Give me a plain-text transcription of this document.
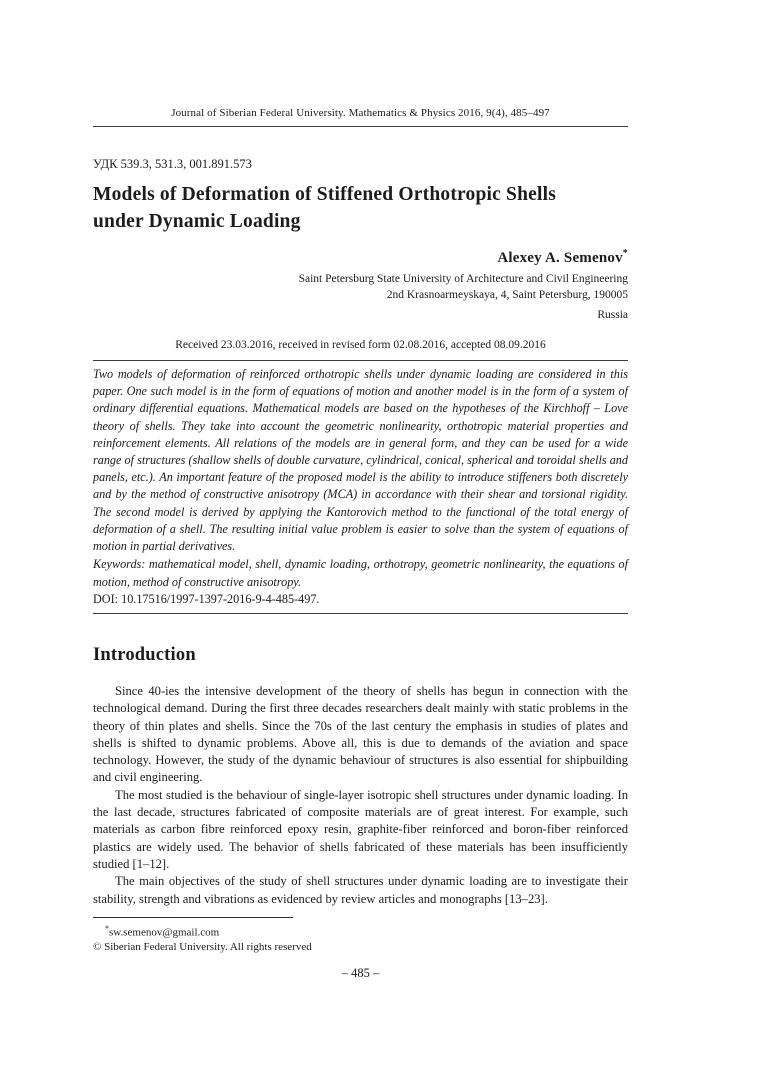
Journal of Siberian Federal University. Mathematics & Physics 2016, 9(4), 485–497
УДК 539.3, 531.3, 001.891.573
Models of Deformation of Stiffened Orthotropic Shells
under Dynamic Loading
Alexey A. Semenov*
Saint Petersburg State University of Architecture and Civil Engineering
2nd Krasnoarmeyskaya, 4, Saint Petersburg, 190005
Russia
Received 23.03.2016, received in revised form 02.08.2016, accepted 08.09.2016

Two models of deformation of reinforced orthotropic shells under dynamic loading are considered in this paper. One such model is in the form of equations of motion and another model is in the form of a system of ordinary differential equations. Mathematical models are based on the hypotheses of the Kirchhoff – Love theory of shells. They take into account the geometric nonlinearity, orthotropic material properties and reinforcement elements. All relations of the models are in general form, and they can be used for a wide range of structures (shallow shells of double curvature, cylindrical, conical, spherical and toroidal shells and panels, etc.). An important feature of the proposed model is the ability to introduce stiffeners both discretely and by the method of constructive anisotropy (MCA) in accordance with their shear and torsional rigidity. The second model is derived by applying the Kantorovich method to the functional of the total energy of deformation of a shell. The resulting initial value problem is easier to solve than the system of equations of motion in partial derivatives.

Keywords: mathematical model, shell, dynamic loading, orthotropy, geometric nonlinearity, the equations of motion, method of constructive anisotropy.

DOI: 10.17516/1997-1397-2016-9-4-485-497.
Introduction

Since 40-ies the intensive development of the theory of shells has begun in connection with the technological demand. During the first three decades researchers dealt mainly with static problems in the theory of thin plates and shells. Since the 70s of the last century the emphasis in studies of plates and shells is shifted to dynamic problems. Above all, this is due to demands of the aviation and space technology. However, the study of the dynamic behaviour of structures is also essential for shipbuilding and civil engineering.

The most studied is the behaviour of single-layer isotropic shell structures under dynamic loading. In the last decade, structures fabricated of composite materials are of great interest. For example, such materials as carbon fibre reinforced epoxy resin, graphite-fiber reinforced and boron-fiber reinforced plastics are widely used. The behavior of shells fabricated of these materials has been insufficiently studied [1–12].

The main objectives of the study of shell structures under dynamic loading are to investigate their stability, strength and vibrations as evidenced by review articles and monographs [13–23].

*sw.semenov@gmail.com
© Siberian Federal University. All rights reserved
– 485 –
